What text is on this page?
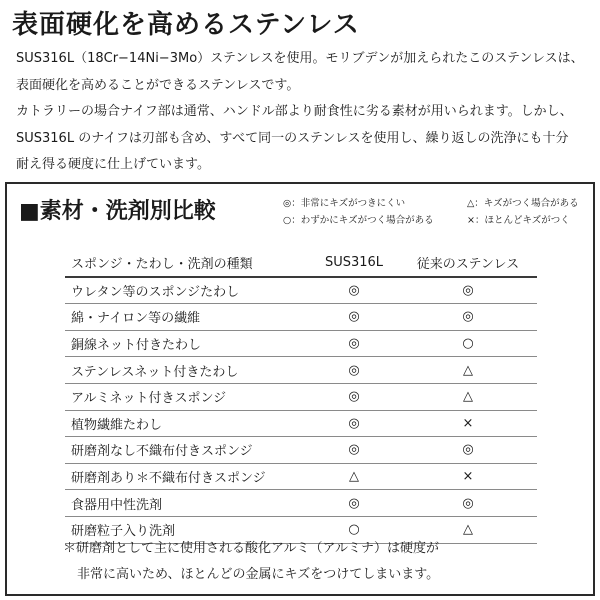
表面硬化を高めるステンレス

SUS316L（18Cr−14Ni−3Mo）ステンレスを使用。モリブデンが加えられたこのステンレスは、

表面硬化を高めることができるステンレスです。

カトラリーの場合ナイフ部は通常、ハンドル部より耐食性に劣る素材が用いられます。しかし、

SUS316L のナイフは刃部も含め、すべて同一のステンレスを使用し、繰り返しの洗浄にも十分

耐え得る硬度に仕上げています。

■素材・洗剤別比較	◎：非常にキズがつきにくい	△：キズがつく場合がある
○：わずかにキズがつく場合がある	×：ほとんどキズがつく
スポンジ・たわし・洗剤の種類	SUS316L	従来のステンレス
ウレタン等のスポンジたわし	◎	◎
綿・ナイロン等の繊維	◎	◎
銅線ネット付きたわし	◎	○
ステンレスネット付きたわし	◎	△
アルミネット付きスポンジ	◎	△
植物繊維たわし	◎	×
研磨剤なし不織布付きスポンジ	◎	◎
研磨剤あり＊不織布付きスポンジ	△	×
食器用中性洗剤	◎	◎
研磨粒子入り洗剤	○	△

＊研磨剤として主に使用される酸化アルミ（アルミナ）は硬度が

非常に高いため、ほとんどの金属にキズをつけてしまいます。
